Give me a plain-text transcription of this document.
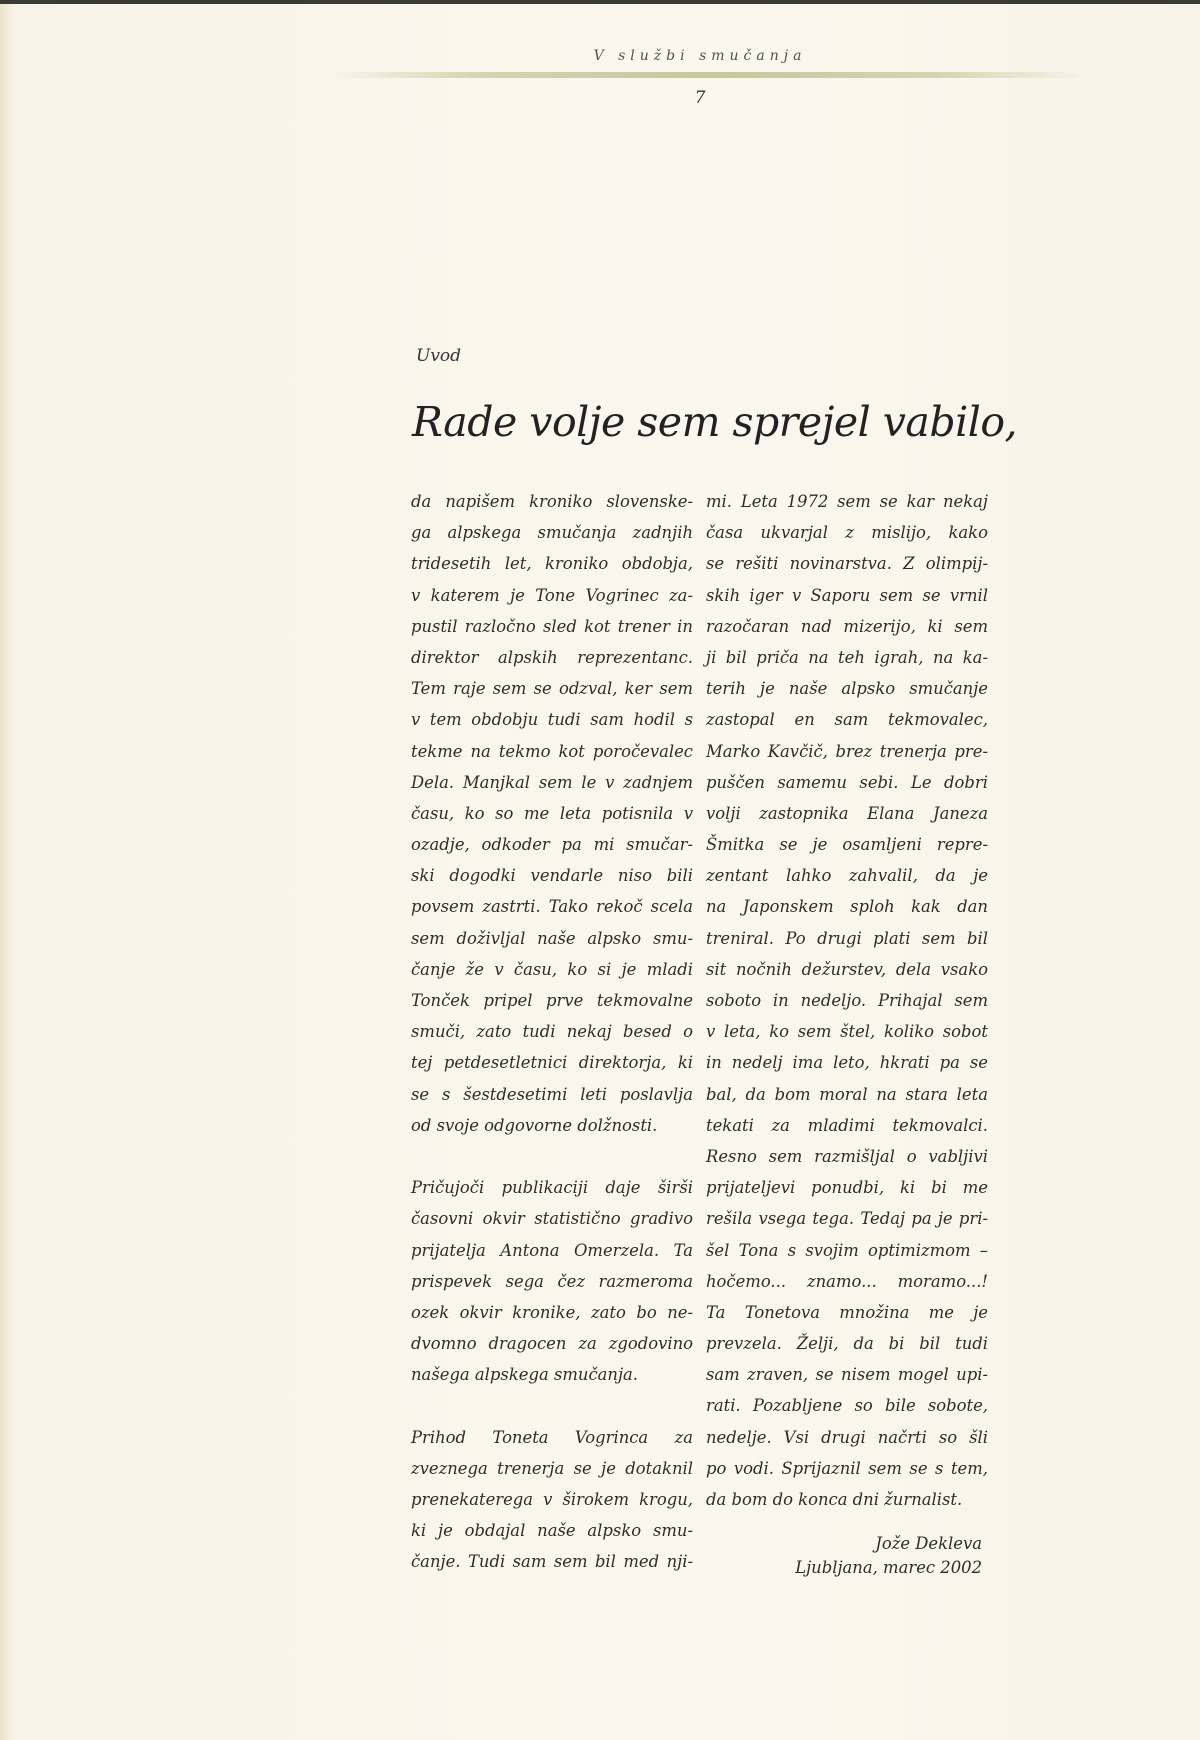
V službi smučanja
7
Uvod
Rade volje sem sprejel vabilo,
da napišem kroniko slovenske-
ga alpskega smučanja zadnjih
tridesetih let, kroniko obdobja,
v katerem je Tone Vogrinec za-
pustil razločno sled kot trener in
direktor alpskih reprezentanc.
Tem raje sem se odzval, ker sem
v tem obdobju tudi sam hodil s
tekme na tekmo kot poročevalec
Dela. Manjkal sem le v zadnjem
času, ko so me leta potisnila v
ozadje, odkoder pa mi smučar-
ski dogodki vendarle niso bili
povsem zastrti. Tako rekoč scela
sem doživljal naše alpsko smu-
čanje že v času, ko si je mladi
Tonček pripel prve tekmovalne
smuči, zato tudi nekaj besed o
tej petdesetletnici direktorja, ki
se s šestdesetimi leti poslavlja
od svoje odgovorne dolžnosti.
Pričujoči publikaciji daje širši
časovni okvir statistično gradivo
prijatelja Antona Omerzela. Ta
prispevek sega čez razmeroma
ozek okvir kronike, zato bo ne-
dvomno dragocen za zgodovino
našega alpskega smučanja.
Prihod Toneta Vogrinca za
zveznega trenerja se je dotaknil
prenekaterega v širokem krogu,
ki je obdajal naše alpsko smu-
čanje. Tudi sam sem bil med nji-
mi. Leta 1972 sem se kar nekaj
časa ukvarjal z mislijo, kako
se rešiti novinarstva. Z olimpij-
skih iger v Saporu sem se vrnil
razočaran nad mizerijo, ki sem
ji bil priča na teh igrah, na ka-
terih je naše alpsko smučanje
zastopal en sam tekmovalec,
Marko Kavčič, brez trenerja pre-
puščen samemu sebi. Le dobri
volji zastopnika Elana Janeza
Šmitka se je osamljeni repre-
zentant lahko zahvalil, da je
na Japonskem sploh kak dan
treniral. Po drugi plati sem bil
sit nočnih dežurstev, dela vsako
soboto in nedeljo. Prihajal sem
v leta, ko sem štel, koliko sobot
in nedelj ima leto, hkrati pa se
bal, da bom moral na stara leta
tekati za mladimi tekmovalci.
Resno sem razmišljal o vabljivi
prijateljevi ponudbi, ki bi me
rešila vsega tega. Tedaj pa je pri-
šel Tona s svojim optimizmom –
hočemo... znamo... moramo...!
Ta Tonetova množina me je
prevzela. Želji, da bi bil tudi
sam zraven, se nisem mogel upi-
rati. Pozabljene so bile sobote,
nedelje. Vsi drugi načrti so šli
po vodi. Sprijaznil sem se s tem,
da bom do konca dni žurnalist.
Jože Dekleva
Ljubljana, marec 2002
